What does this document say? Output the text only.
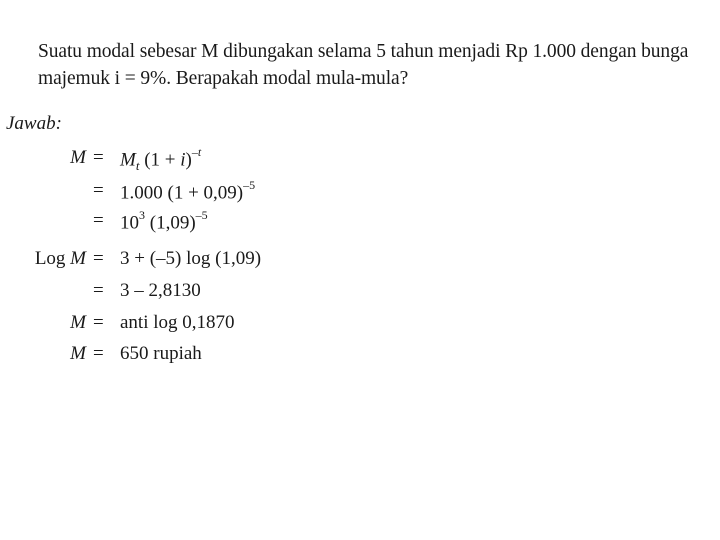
Suatu modal sebesar M dibungakan selama 5 tahun menjadi Rp 1.000 dengan bunga
majemuk i = 9%. Berapakah modal mula-mula?
Jawab:
$M = M_t$ $(1 + i)^{-t}$
= 1.000 $(1 + 0,09)^{-5}$
= $10^3$ $(1,09)^{-5}$
Log M = 3 + (–5) log (1,09)
= 3 – 2,8130
M = anti log 0,1870
M = 650 rupiah
